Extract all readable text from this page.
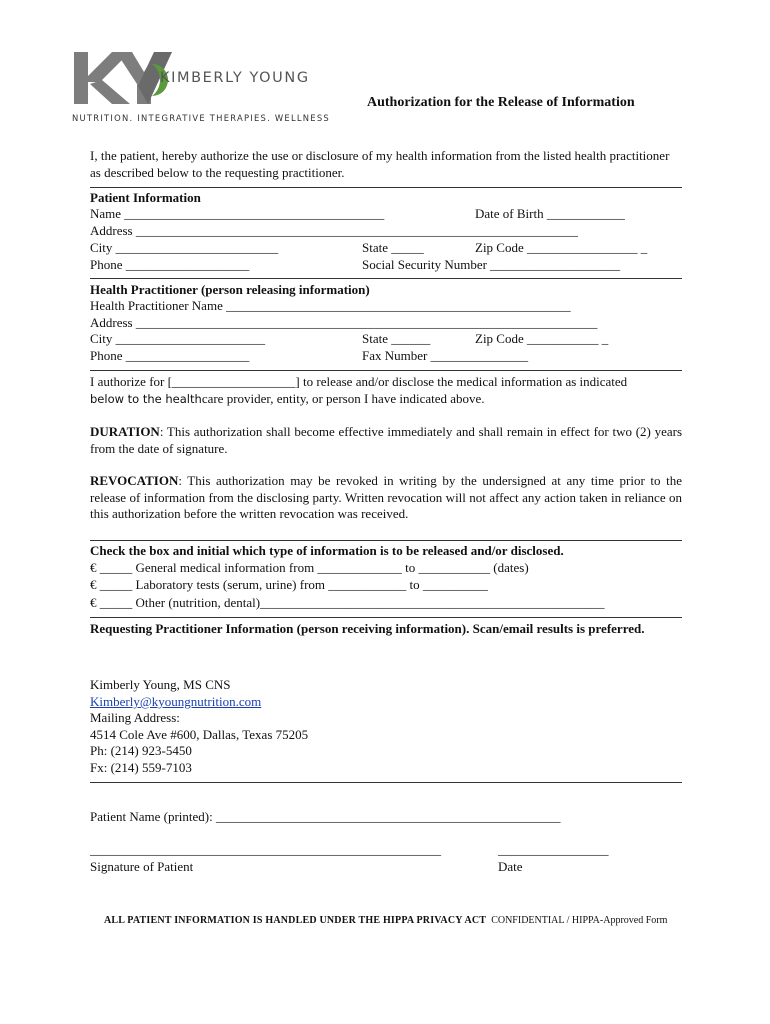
KIMBERLY YOUNG
NUTRITION. INTEGRATIVE THERAPIES. WELLNESS
Authorization for the Release of Information
I, the patient, hereby authorize the use or disclosure of my health information from the listed health practitioner as described below to the requesting practitioner.
Patient Information
Name ________________________________________	Date of Birth ____________
Address ____________________________________________________________________
City _________________________	State _____	Zip Code _________________ _
Phone ___________________	Social Security Number ____________________
Health Practitioner (person releasing information)
Health Practitioner Name _____________________________________________________
Address _______________________________________________________________________
City _______________________	State ______	Zip Code ___________ _
Phone ___________________	Fax Number _______________
I authorize for [___________________] to release and/or disclose the medical information as indicated
below to the healthcare provider, entity, or person I have indicated above.
DURATION: This authorization shall become effective immediately and shall remain in effect for two (2) years from the date of signature.
REVOCATION: This authorization may be revoked in writing by the undersigned at any time prior to the release of information from the disclosing party. Written revocation will not affect any action taken in reliance on this authorization before the written revocation was received.
Check the box and initial which type of information is to be released and/or disclosed.
€ _____ General medical information from _____________ to ___________ (dates)
€ _____ Laboratory tests (serum, urine) from ____________ to __________
€ _____ Other (nutrition, dental)_____________________________________________________
Requesting Practitioner Information (person receiving information). Scan/email results is preferred.
Kimberly Young, MS CNS
Kimberly@kyoungnutrition.com
Mailing Address:
4514 Cole Ave #600, Dallas, Texas 75205
Ph: (214) 923-5450
Fx: (214) 559-7103
Patient Name (printed): _____________________________________________________
______________________________________________________	_________________
Signature of Patient	Date
ALL PATIENT INFORMATION IS HANDLED UNDER THE HIPPA PRIVACY ACT  CONFIDENTIAL / HIPPA-Approved Form
